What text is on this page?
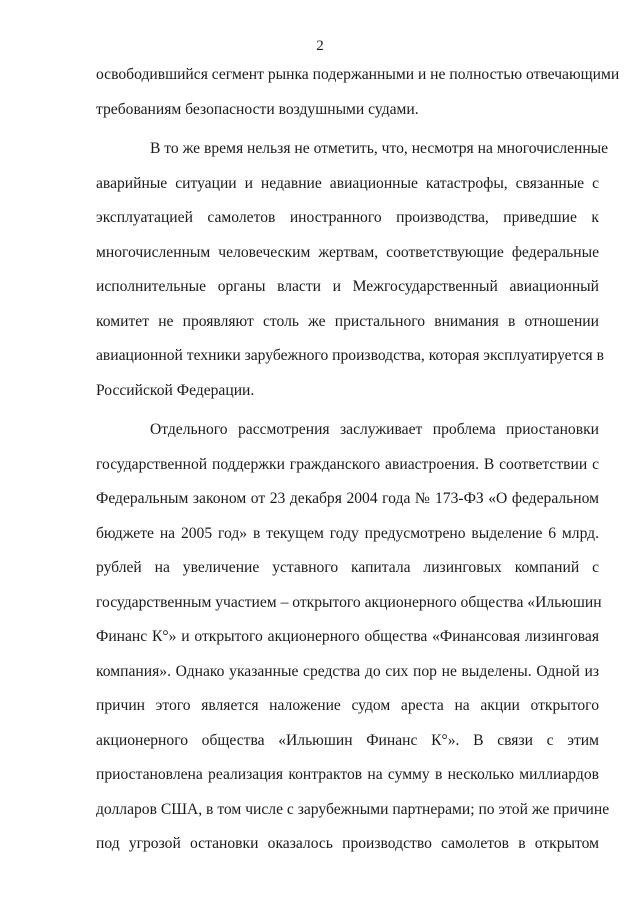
2
освободившийся сегмент рынка подержанными и не полностью отвечающими
требованиям безопасности воздушными судами.
В то же время нельзя не отметить, что, несмотря на многочисленные
аварийные ситуации и недавние авиационные катастрофы, связанные с
эксплуатацией самолетов иностранного производства, приведшие к
многочисленным человеческим жертвам, соответствующие федеральные
исполнительные органы власти и Межгосударственный авиационный
комитет не проявляют столь же пристального внимания в отношении
авиационной техники зарубежного производства, которая эксплуатируется в
Российской Федерации.
Отдельного рассмотрения заслуживает проблема приостановки
государственной поддержки гражданского авиастроения. В соответствии с
Федеральным законом от 23 декабря 2004 года № 173-ФЗ «О федеральном
бюджете на 2005 год» в текущем году предусмотрено выделение 6 млрд.
рублей на увеличение уставного капитала лизинговых компаний с
государственным участием – открытого акционерного общества «Ильюшин
Финанс К°» и открытого акционерного общества «Финансовая лизинговая
компания». Однако указанные средства до сих пор не выделены. Одной из
причин этого является наложение судом ареста на акции открытого
акционерного общества «Ильюшин Финанс К°». В связи с этим
приостановлена реализация контрактов на сумму в несколько миллиардов
долларов США, в том числе с зарубежными партнерами; по этой же причине
под угрозой остановки оказалось производство самолетов в открытом
